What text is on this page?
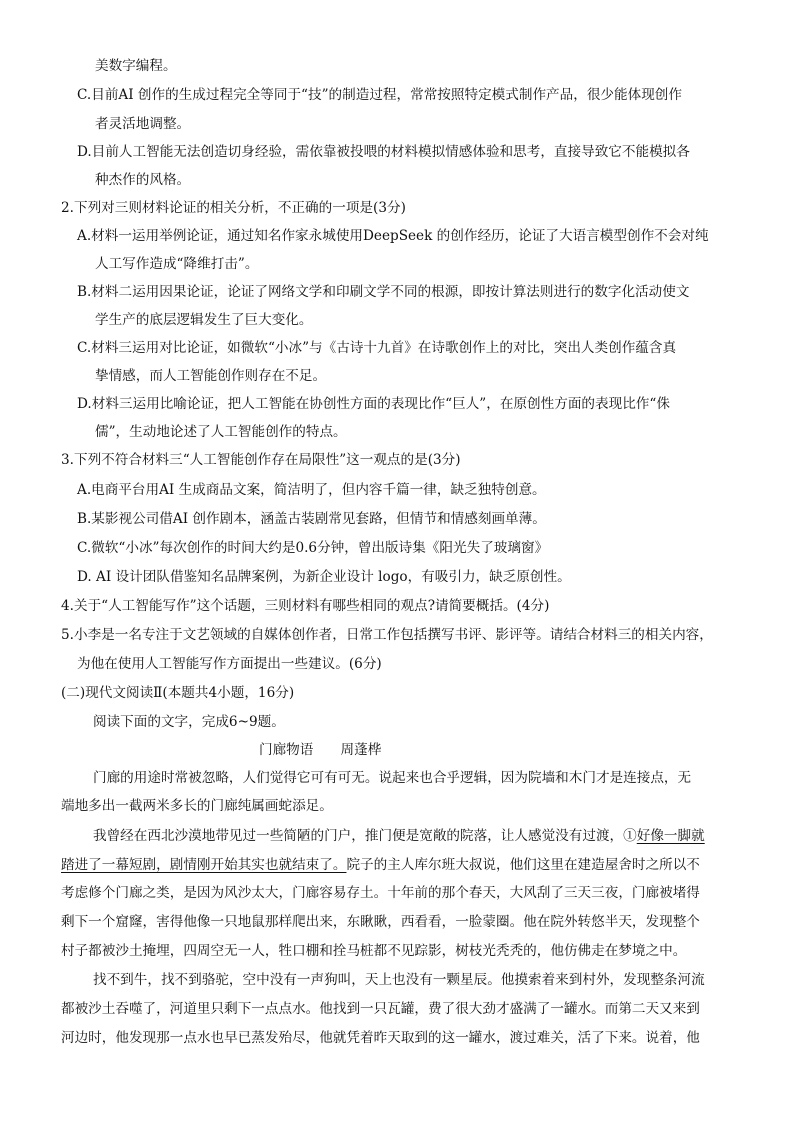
美数字编程。
C.目前AI 创作的生成过程完全等同于“技”的制造过程，常常按照特定模式制作产品，很少能体现创作
者灵活地调整。
D.目前人工智能无法创造切身经验，需依靠被投喂的材料模拟情感体验和思考，直接导致它不能模拟各
种杰作的风格。
2.下列对三则材料论证的相关分析，不正确的一项是(3分)
A.材料一运用举例论证，通过知名作家永城使用DeepSeek 的创作经历，论证了大语言模型创作不会对纯
人工写作造成“降维打击”。
B.材料二运用因果论证，论证了网络文学和印刷文学不同的根源，即按计算法则进行的数字化活动使文
学生产的底层逻辑发生了巨大变化。
C.材料三运用对比论证，如微软“小冰”与《古诗十九首》在诗歌创作上的对比，突出人类创作蕴含真
挚情感，而人工智能创作则存在不足。
D.材料三运用比喻论证，把人工智能在协创性方面的表现比作“巨人”，在原创性方面的表现比作“侏
儒”，生动地论述了人工智能创作的特点。
3.下列不符合材料三“人工智能创作存在局限性”这一观点的是(3分)
A.电商平台用AI 生成商品文案，简洁明了，但内容千篇一律，缺乏独特创意。
B.某影视公司借AI 创作剧本，涵盖古装剧常见套路，但情节和情感刻画单薄。
C.微软“小冰”每次创作的时间大约是0.6分钟，曾出版诗集《阳光失了玻璃窗》
D. AI 设计团队借鉴知名品牌案例，为新企业设计 logo，有吸引力，缺乏原创性。
4.关于“人工智能写作”这个话题，三则材料有哪些相同的观点?请简要概括。(4分)
5.小李是一名专注于文艺领域的自媒体创作者，日常工作包括撰写书评、影评等。请结合材料三的相关内容，
为他在使用人工智能写作方面提出一些建议。(6分)
(二)现代文阅读Ⅱ(本题共4小题，16分)
阅读下面的文字，完成6~9题。
门廊物语　　周蓬桦
门廊的用途时常被忽略，人们觉得它可有可无。说起来也合乎逻辑，因为院墙和木门才是连接点，无
端地多出一截两米多长的门廊纯属画蛇添足。
我曾经在西北沙漠地带见过一些简陋的门户，推门便是宽敞的院落，让人感觉没有过渡，①好像一脚就
踏进了一幕短剧，剧情刚开始其实也就结束了。院子的主人库尔班大叔说，他们这里在建造屋舍时之所以不
考虑修个门廊之类，是因为风沙太大，门廊容易存土。十年前的那个春天，大风刮了三天三夜，门廊被堵得
剩下一个窟窿，害得他像一只地鼠那样爬出来，东瞅瞅，西看看，一脸蒙圈。他在院外转悠半天，发现整个
村子都被沙土掩埋，四周空无一人，牲口棚和拴马桩都不见踪影，树枝光秃秃的，他仿佛走在梦境之中。
找不到牛，找不到骆驼，空中没有一声狗叫，天上也没有一颗星辰。他摸索着来到村外，发现整条河流
都被沙土吞噬了，河道里只剩下一点点水。他找到一只瓦罐，费了很大劲才盛满了一罐水。而第二天又来到
河边时，他发现那一点水也早已蒸发殆尽，他就凭着昨天取到的这一罐水，渡过难关，活了下来。说着，他
